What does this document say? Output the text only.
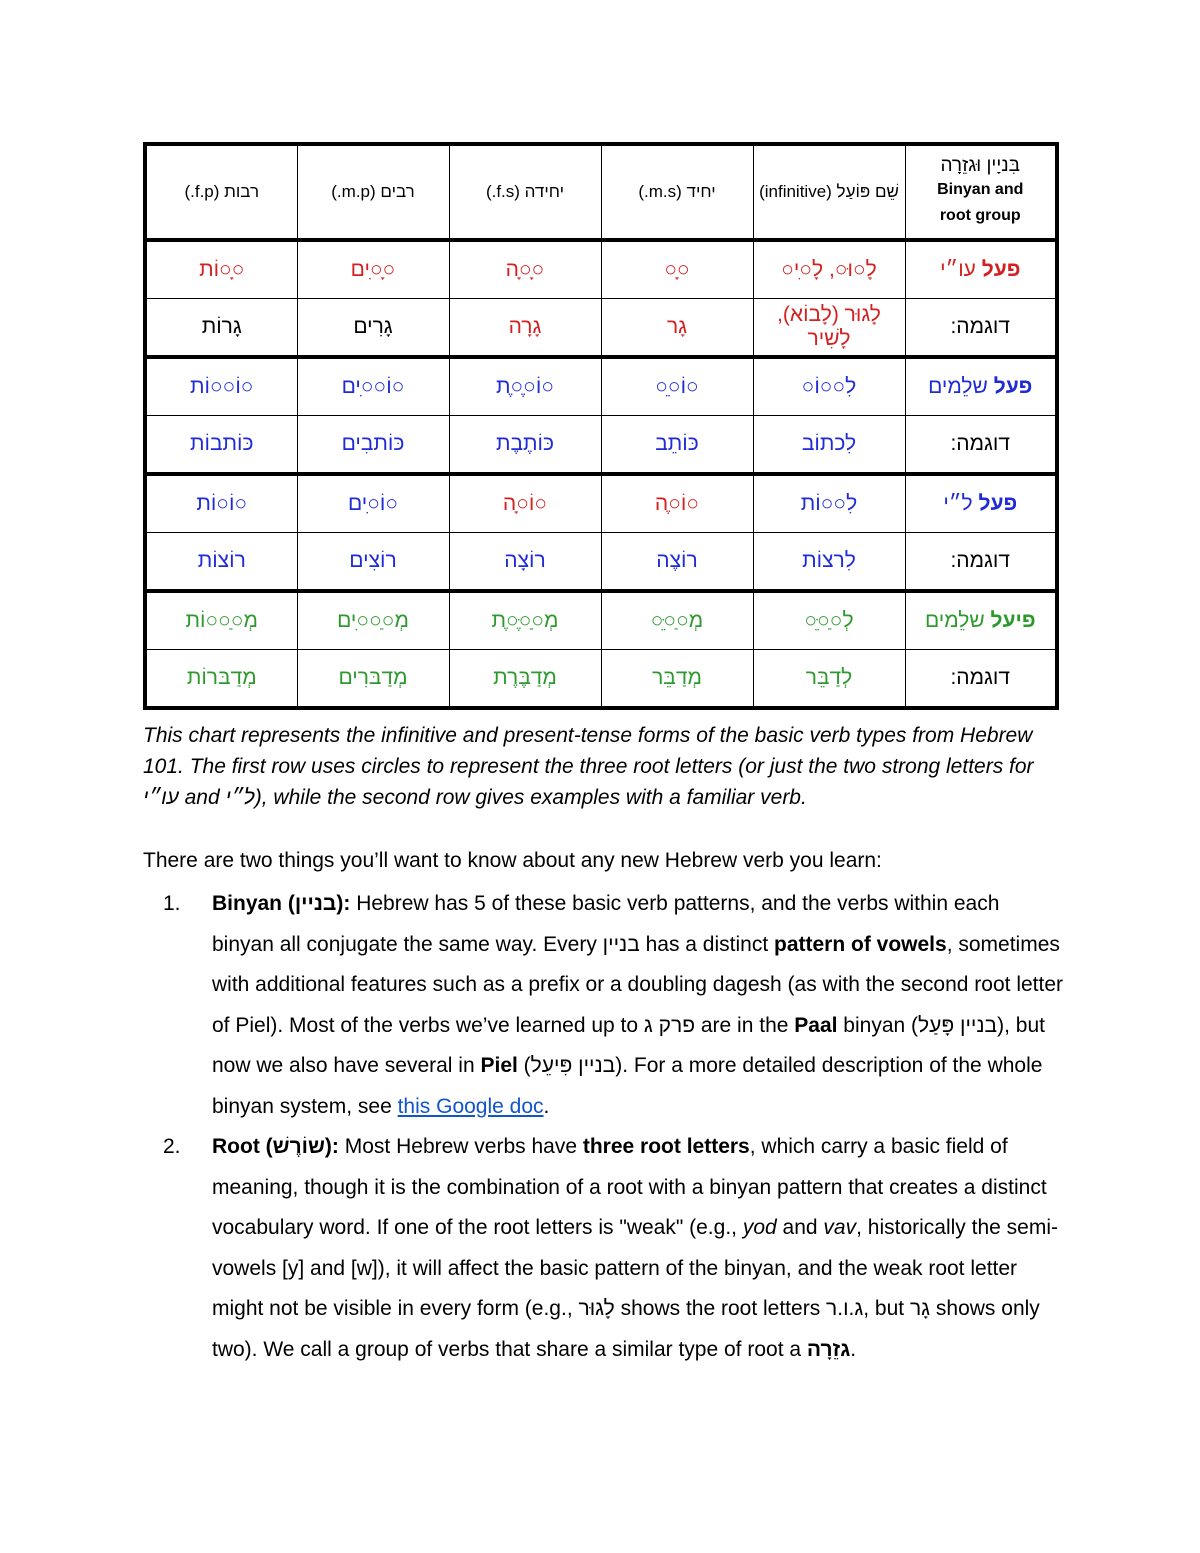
רבות (f.p.)	רבים (m.p.)	יחידה (f.s.)	יחיד (m.s.)	שֵׁם פּוֹעַל (infinitive)	בִּניָין וּגזֵרָה
Binyan and
root group

○ָ○וֹת	○ָ○ִים	○ָ○ָה	○ָ○	לָ○וּ○, לָ○ִי○	פעל עו״י
גָרוֹת	גָרִים	גָרָה	גָר	לָגוּר (לָבוֹא), לָשִׁיר	דוגמה:
○וֹ○○וֹת	○וֹ○○ִים	○וֹ○ֶ○ֶת	○וֹ○ֵ○	לִ○○וֹ○	פעל שלֵמים
כּוֹתבוֹת	כּוֹתבִים	כּוֹתֶבֶת	כּוֹתֵב	לִכתוֹב	דוגמה:
○וֹ○וֹת	○וֹ○ִים	○וֹ○ָה	○וֹ○ֶה	לִ○○וֹת	פעל ל״י
רוֹצוֹת	רוֹצִים	רוֹצָה	רוֹצֶה	לִרצוֹת	דוגמה:
מְ○ַ○○וֹת	מְ○ַ○○ִים	מְ○ַ○ֶּ○ֶת	מְ○ַ○ֵּ○	לְ○ַ○ֵּ○	פיעל שלֵמים
מְדַבּרוֹת	מְדַבּרִים	מְדַבֶּרֶת	מְדַבֵּר	לְדַבֵּר	דוגמה:

This chart represents the infinitive and present-tense forms of the basic verb types from Hebrew 101. The first row uses circles to represent the three root letters (or just the two strong letters for עו״י and ל״י), while the second row gives examples with a familiar verb.

There are two things you’ll want to know about any new Hebrew verb you learn:

1. Binyan (בניין): Hebrew has 5 of these basic verb patterns, and the verbs within each binyan all conjugate the same way. Every בניין has a distinct pattern of vowels, sometimes with additional features such as a prefix or a doubling dagesh (as with the second root letter of Piel). Most of the verbs we’ve learned up to פרק ג are in the Paal binyan (בניין פָּעַל), but now we also have several in Piel (בניין פִּיעֵל). For a more detailed description of the whole binyan system, see this Google doc.
2. Root (שוֹרֶשׁ): Most Hebrew verbs have three root letters, which carry a basic field of meaning, though it is the combination of a root with a binyan pattern that creates a distinct vocabulary word. If one of the root letters is "weak" (e.g., yod and vav, historically the semi-vowels [y] and [w]), it will affect the basic pattern of the binyan, and the weak root letter might not be visible in every form (e.g., לָגוּר shows the root letters ג.ו.ר, but גָר shows only two). We call a group of verbs that share a similar type of root a גזֵרָה.
